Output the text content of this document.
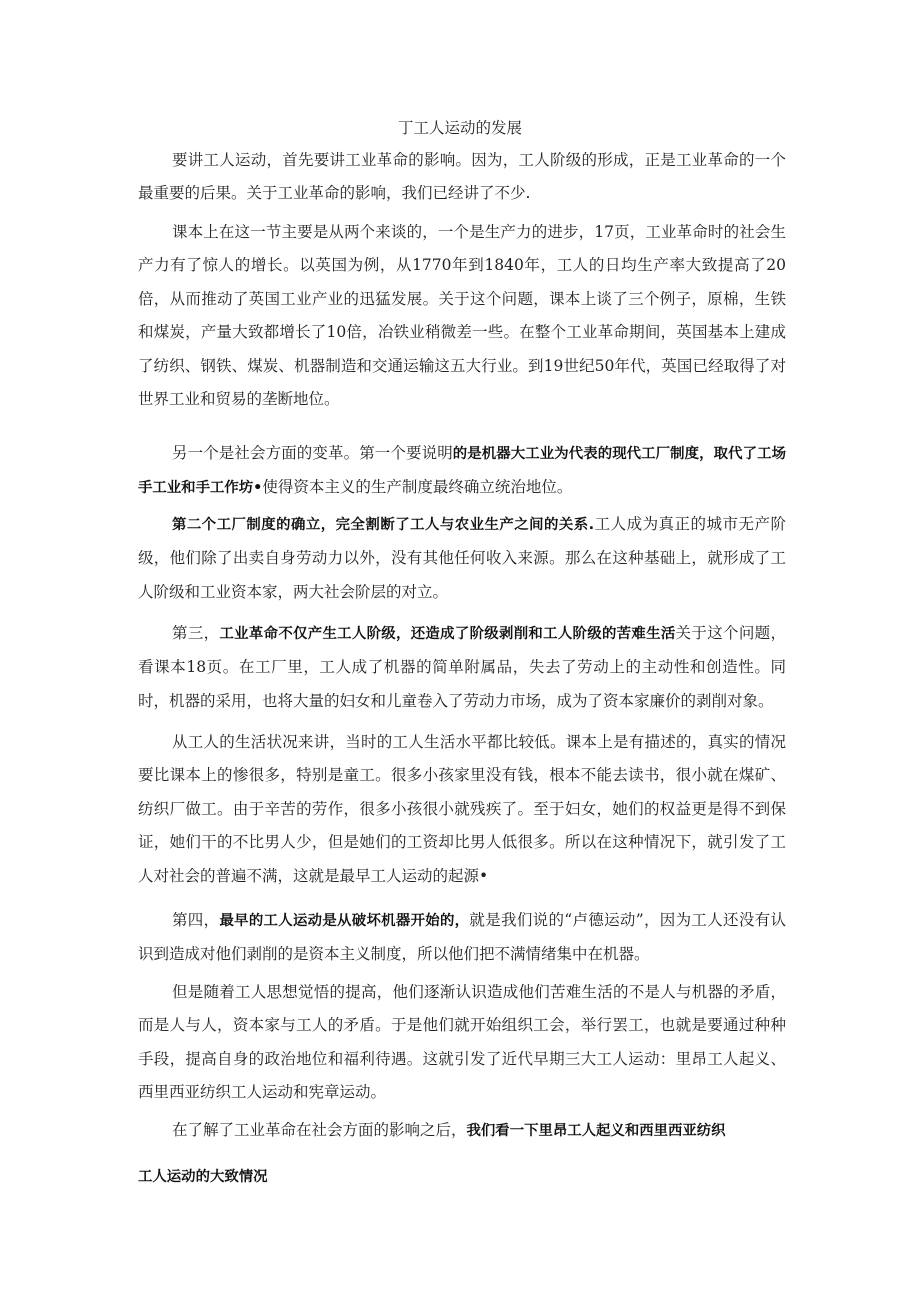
丁工人运动的发展

要讲工人运动，首先要讲工业革命的影响。因为，工人阶级的形成，正是工业革命的一个最重要的后果。关于工业革命的影响，我们已经讲了不少.

课本上在这一节主要是从两个来谈的，一个是生产力的进步，17页，工业革命时的社会生产力有了惊人的增长。以英国为例，从1770年到1840年，工人的日均生产率大致提高了20倍，从而推动了英国工业产业的迅猛发展。关于这个问题，课本上谈了三个例子，原棉，生铁和煤炭，产量大致都增长了10倍，冶铁业稍微差一些。在整个工业革命期间，英国基本上建成了纺织、钢铁、煤炭、机器制造和交通运输这五大行业。到19世纪50年代，英国已经取得了对世界工业和贸易的垄断地位。

另一个是社会方面的变革。第一个要说明的是机器大工业为代表的现代工厂制度，取代了工场手工业和手工作坊•使得资本主义的生产制度最终确立统治地位。

第二个工厂制度的确立，完全割断了工人与农业生产之间的关系.工人成为真正的城市无产阶级，他们除了出卖自身劳动力以外，没有其他任何收入来源。那么在这种基础上，就形成了工人阶级和工业资本家，两大社会阶层的对立。

第三，工业革命不仅产生工人阶级，还造成了阶级剥削和工人阶级的苦难生活关于这个问题，看课本18页。在工厂里，工人成了机器的简单附属品，失去了劳动上的主动性和创造性。同时，机器的采用，也将大量的妇女和儿童卷入了劳动力市场，成为了资本家廉价的剥削对象。

从工人的生活状况来讲，当时的工人生活水平都比较低。课本上是有描述的，真实的情况要比课本上的惨很多，特别是童工。很多小孩家里没有钱，根本不能去读书，很小就在煤矿、纺织厂做工。由于辛苦的劳作，很多小孩很小就残疾了。至于妇女，她们的权益更是得不到保证，她们干的不比男人少，但是她们的工资却比男人低很多。所以在这种情况下，就引发了工人对社会的普遍不满，这就是最早工人运动的起源•

第四，最早的工人运动是从破坏机器开始的，就是我们说的“卢德运动”，因为工人还没有认识到造成对他们剥削的是资本主义制度，所以他们把不满情绪集中在机器。

但是随着工人思想觉悟的提高，他们逐渐认识造成他们苦难生活的不是人与机器的矛盾，而是人与人，资本家与工人的矛盾。于是他们就开始组织工会，举行罢工，也就是要通过种种手段，提高自身的政治地位和福利待遇。这就引发了近代早期三大工人运动：里昂工人起义、西里西亚纺织工人运动和宪章运动。

在了解了工业革命在社会方面的影响之后，我们看一下里昂工人起义和西里西亚纺织

工人运动的大致情况
